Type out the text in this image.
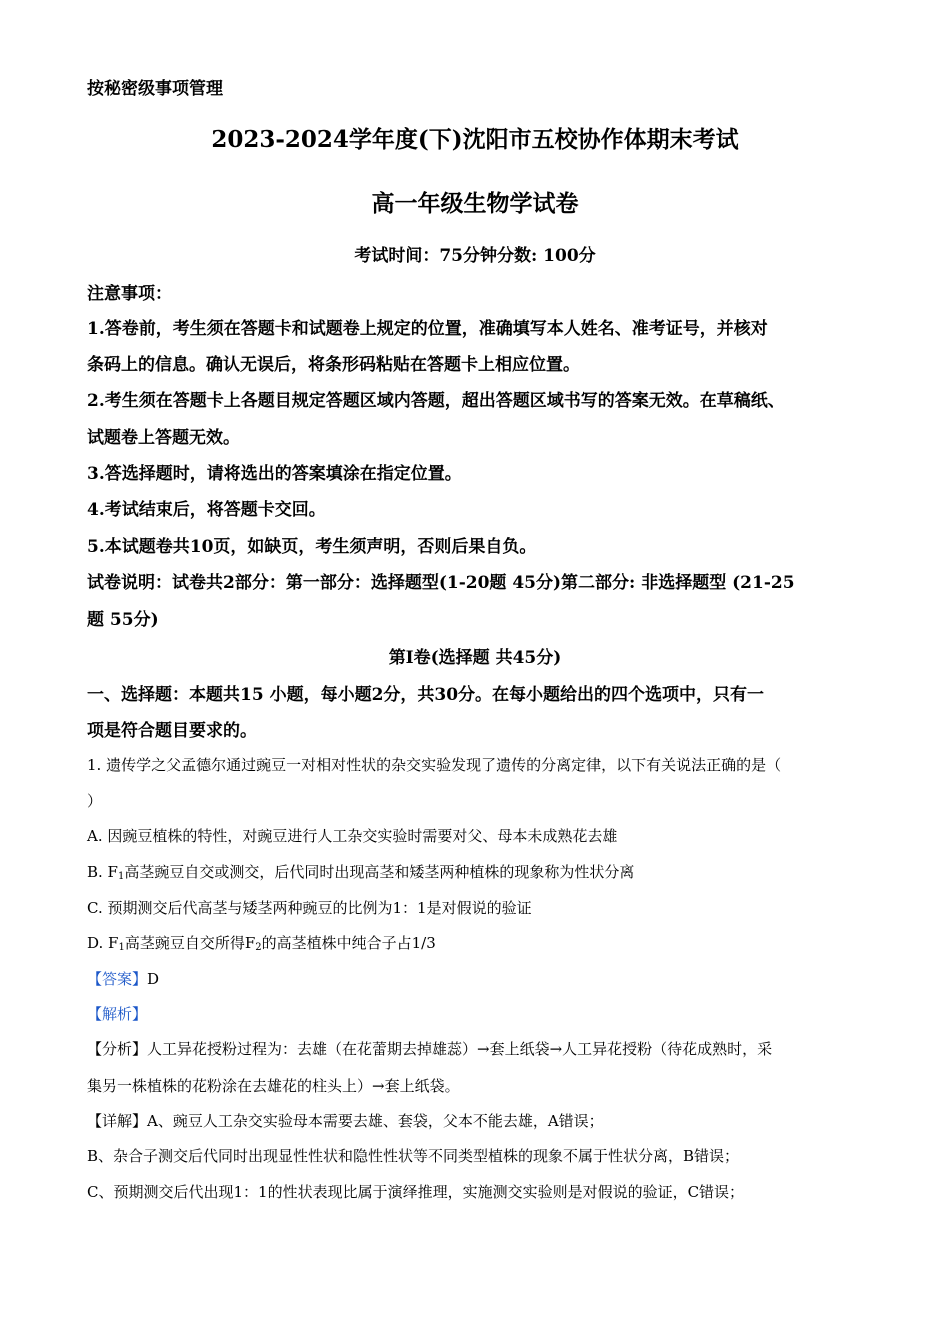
按秘密级事项管理
2023-2024学年度(下)沈阳市五校协作体期末考试
高一年级生物学试卷
考试时间：75分钟分数: 100分
注意事项：
1.答卷前，考生须在答题卡和试题卷上规定的位置，准确填写本人姓名、准考证号，并核对
条码上的信息。确认无误后，将条形码粘贴在答题卡上相应位置。
2.考生须在答题卡上各题目规定答题区域内答题，超出答题区域书写的答案无效。在草稿纸、
试题卷上答题无效。
3.答选择题时，请将选出的答案填涂在指定位置。
4.考试结束后，将答题卡交回。
5.本试题卷共10页，如缺页，考生须声明，否则后果自负。
试卷说明：试卷共2部分：第一部分：选择题型(1-20题 45分)第二部分: 非选择题型 (21-25
题 55分)
第Ⅰ卷(选择题 共45分)
一、选择题：本题共15 小题，每小题2分，共30分。在每小题给出的四个选项中，只有一
项是符合题目要求的。
1. 遗传学之父孟德尔通过豌豆一对相对性状的杂交实验发现了遗传的分离定律，以下有关说法正确的是（
）
A. 因豌豆植株的特性，对豌豆进行人工杂交实验时需要对父、母本未成熟花去雄
B. $F_1$高茎豌豆自交或测交，后代同时出现高茎和矮茎两种植株的现象称为性状分离
C. 预期测交后代高茎与矮茎两种豌豆的比例为1：1是对假说的验证
D. $F_1$高茎豌豆自交所得$F_2$的高茎植株中纯合子占1/3
【答案】D
【解析】
【分析】人工异花授粉过程为：去雄（在花蕾期去掉雄蕊）→套上纸袋→人工异花授粉（待花成熟时，采
集另一株植株的花粉涂在去雄花的柱头上）→套上纸袋。
【详解】A、豌豆人工杂交实验母本需要去雄、套袋，父本不能去雄，A错误；
B、杂合子测交后代同时出现显性性状和隐性性状等不同类型植株的现象不属于性状分离，B错误；
C、预期测交后代出现1：1的性状表现比属于演绎推理，实施测交实验则是对假说的验证，C错误；
